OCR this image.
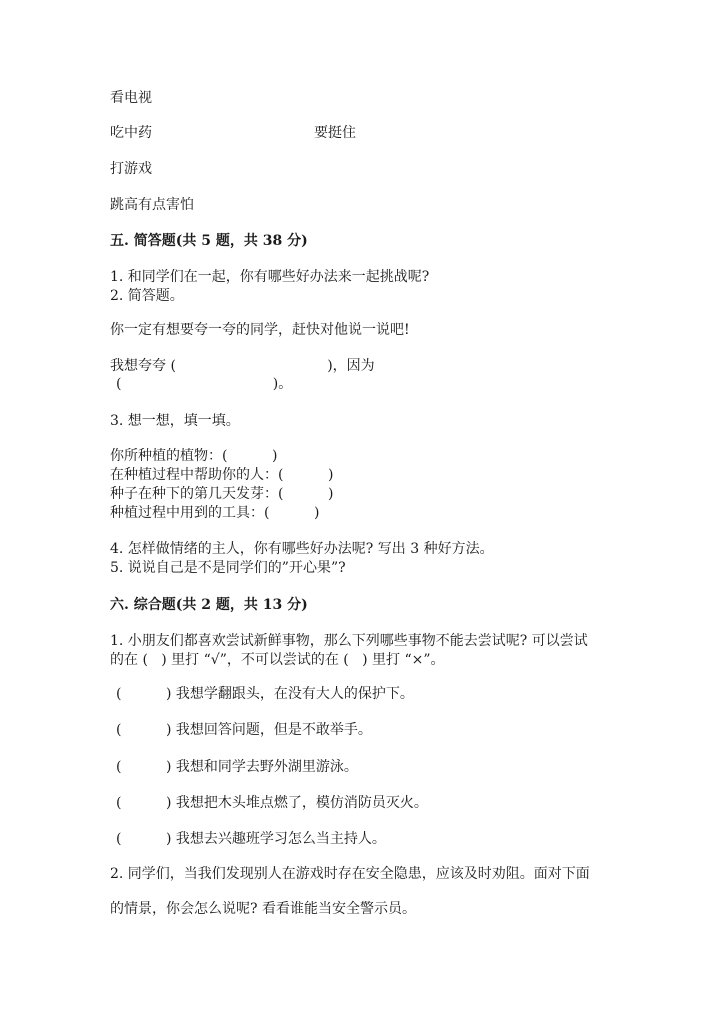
看电视
吃中药	要挺住
打游戏
跳高有点害怕
五. 简答题(共 5 题，共 38 分)
1. 和同学们在一起，你有哪些好办法来一起挑战呢?
2. 简答题。
你一定有想要夸一夸的同学，赶快对他说一说吧!
我想夸夸 (                                  )，因为
(                                  )。
3. 想一想，填一填。
你所种植的植物：(          )
在种植过程中帮助你的人：(          )
种子在种下的第几天发芽：(          )
种植过程中用到的工具：(          )
4. 怎样做情绪的主人，你有哪些好办法呢? 写出 3 种好方法。
5. 说说自己是不是同学们的”开心果”?
六. 综合题(共 2 题，共 13 分)
1. 小朋友们都喜欢尝试新鲜事物，那么下列哪些事物不能去尝试呢? 可以尝试
的在 (   ) 里打 “√”，不可以尝试的在 (   ) 里打 “×”。
(          ) 我想学翻跟头，在没有大人的保护下。
(          ) 我想回答问题，但是不敢举手。
(          ) 我想和同学去野外湖里游泳。
(          ) 我想把木头堆点燃了，模仿消防员灭火。
(          ) 我想去兴趣班学习怎么当主持人。
2. 同学们，当我们发现别人在游戏时存在安全隐患，应该及时劝阻。面对下面
的情景，你会怎么说呢? 看看谁能当安全警示员。
